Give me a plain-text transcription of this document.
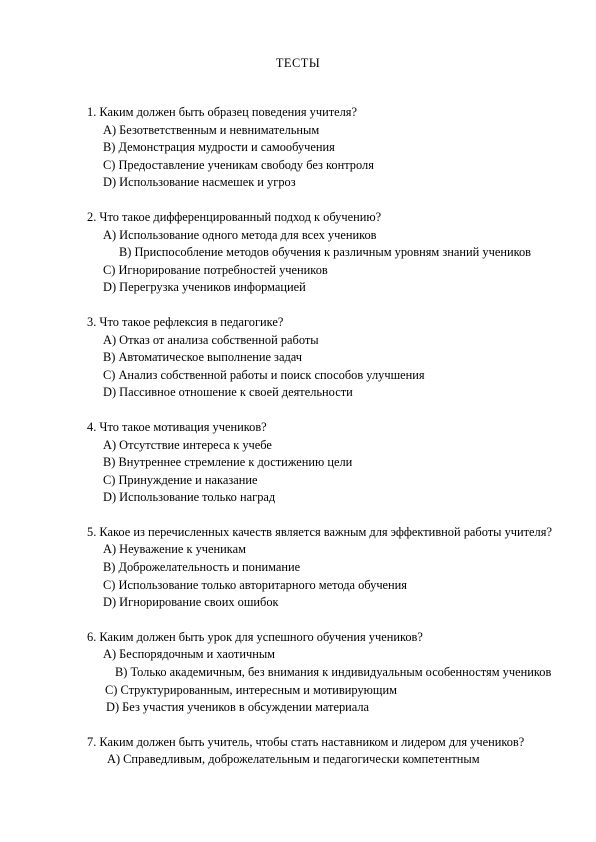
ТЕСТЫ
1. Каким должен быть образец поведения учителя?
A) Безответственным и невнимательным
B) Демонстрация мудрости и самообучения
C) Предоставление ученикам свободу без контроля
D) Использование насмешек и угроз
2. Что такое дифференцированный подход к обучению?
A) Использование одного метода для всех учеников
B) Приспособление методов обучения к различным уровням знаний учеников
C) Игнорирование потребностей учеников
D) Перегрузка учеников информацией
3. Что такое рефлексия в педагогике?
A) Отказ от анализа собственной работы
B) Автоматическое выполнение задач
C) Анализ собственной работы и поиск способов улучшения
D) Пассивное отношение к своей деятельности
4. Что такое мотивация учеников?
A) Отсутствие интереса к учебе
B) Внутреннее стремление к достижению цели
C) Принуждение и наказание
D) Использование только наград
5. Какое из перечисленных качеств является важным для эффективной работы учителя?
A) Неуважение к ученикам
B) Доброжелательность и понимание
C) Использование только авторитарного метода обучения
D) Игнорирование своих ошибок
6. Каким должен быть урок для успешного обучения учеников?
A) Беспорядочным и хаотичным
B) Только академичным, без внимания к индивидуальным особенностям учеников
C) Структурированным, интересным и мотивирующим
D) Без участия учеников в обсуждении материала
7. Каким должен быть учитель, чтобы стать наставником и лидером для учеников?
A) Справедливым, доброжелательным и педагогически компетентным
